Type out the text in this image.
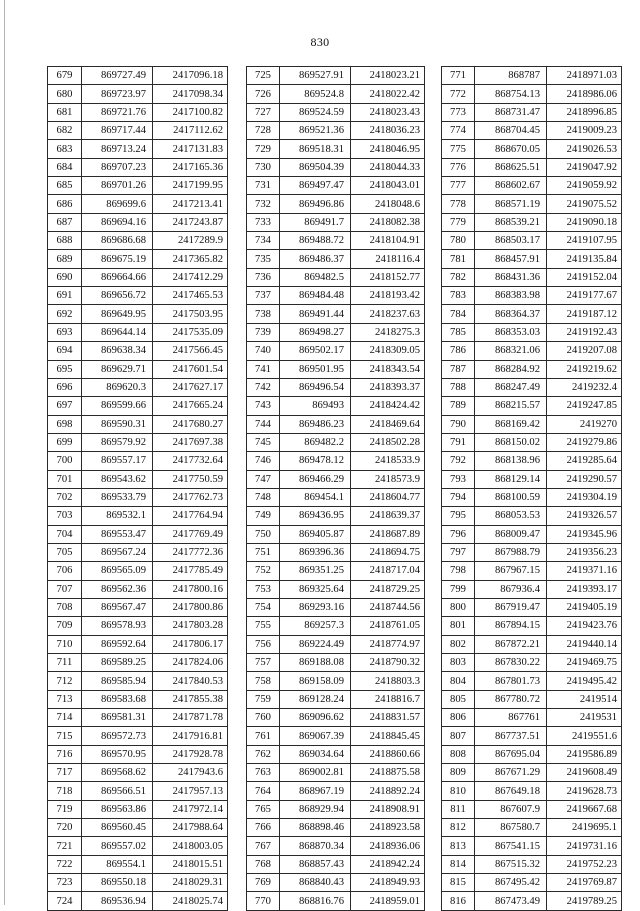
830
679	869727.49	2417096.18
680	869723.97	2417098.34
681	869721.76	2417100.82
682	869717.44	2417112.62
683	869713.24	2417131.83
684	869707.23	2417165.36
685	869701.26	2417199.95
686	869699.6	2417213.41
687	869694.16	2417243.87
688	869686.68	2417289.9
689	869675.19	2417365.82
690	869664.66	2417412.29
691	869656.72	2417465.53
692	869649.95	2417503.95
693	869644.14	2417535.09
694	869638.34	2417566.45
695	869629.71	2417601.54
696	869620.3	2417627.17
697	869599.66	2417665.24
698	869590.31	2417680.27
699	869579.92	2417697.38
700	869557.17	2417732.64
701	869543.62	2417750.59
702	869533.79	2417762.73
703	869532.1	2417764.94
704	869553.47	2417769.49
705	869567.24	2417772.36
706	869565.09	2417785.49
707	869562.36	2417800.16
708	869567.47	2417800.86
709	869578.93	2417803.28
710	869592.64	2417806.17
711	869589.25	2417824.06
712	869585.94	2417840.53
713	869583.68	2417855.38
714	869581.31	2417871.78
715	869572.73	2417916.81
716	869570.95	2417928.78
717	869568.62	2417943.6
718	869566.51	2417957.13
719	869563.86	2417972.14
720	869560.45	2417988.64
721	869557.02	2418003.05
722	869554.1	2418015.51
723	869550.18	2418029.31
724	869536.94	2418025.74
725	869527.91	2418023.21
726	869524.8	2418022.42
727	869524.59	2418023.43
728	869521.36	2418036.23
729	869518.31	2418046.95
730	869504.39	2418044.33
731	869497.47	2418043.01
732	869496.86	2418048.6
733	869491.7	2418082.38
734	869488.72	2418104.91
735	869486.37	2418116.4
736	869482.5	2418152.77
737	869484.48	2418193.42
738	869491.44	2418237.63
739	869498.27	2418275.3
740	869502.17	2418309.05
741	869501.95	2418343.54
742	869496.54	2418393.37
743	869493	2418424.42
744	869486.23	2418469.64
745	869482.2	2418502.28
746	869478.12	2418533.9
747	869466.29	2418573.9
748	869454.1	2418604.77
749	869436.95	2418639.37
750	869405.87	2418687.89
751	869396.36	2418694.75
752	869351.25	2418717.04
753	869325.64	2418729.25
754	869293.16	2418744.56
755	869257.3	2418761.05
756	869224.49	2418774.97
757	869188.08	2418790.32
758	869158.09	2418803.3
759	869128.24	2418816.7
760	869096.62	2418831.57
761	869067.39	2418845.45
762	869034.64	2418860.66
763	869002.81	2418875.58
764	868967.19	2418892.24
765	868929.94	2418908.91
766	868898.46	2418923.58
767	868870.34	2418936.06
768	868857.43	2418942.24
769	868840.43	2418949.93
770	868816.76	2418959.01
771	868787	2418971.03
772	868754.13	2418986.06
773	868731.47	2418996.85
774	868704.45	2419009.23
775	868670.05	2419026.53
776	868625.51	2419047.92
777	868602.67	2419059.92
778	868571.19	2419075.52
779	868539.21	2419090.18
780	868503.17	2419107.95
781	868457.91	2419135.84
782	868431.36	2419152.04
783	868383.98	2419177.67
784	868364.37	2419187.12
785	868353.03	2419192.43
786	868321.06	2419207.08
787	868284.92	2419219.62
788	868247.49	2419232.4
789	868215.57	2419247.85
790	868169.42	2419270
791	868150.02	2419279.86
792	868138.96	2419285.64
793	868129.14	2419290.57
794	868100.59	2419304.19
795	868053.53	2419326.57
796	868009.47	2419345.96
797	867988.79	2419356.23
798	867967.15	2419371.16
799	867936.4	2419393.17
800	867919.47	2419405.19
801	867894.15	2419423.76
802	867872.21	2419440.14
803	867830.22	2419469.75
804	867801.73	2419495.42
805	867780.72	2419514
806	867761	2419531
807	867737.51	2419551.6
808	867695.04	2419586.89
809	867671.29	2419608.49
810	867649.18	2419628.73
811	867607.9	2419667.68
812	867580.7	2419695.1
813	867541.15	2419731.16
814	867515.32	2419752.23
815	867495.42	2419769.87
816	867473.49	2419789.25
